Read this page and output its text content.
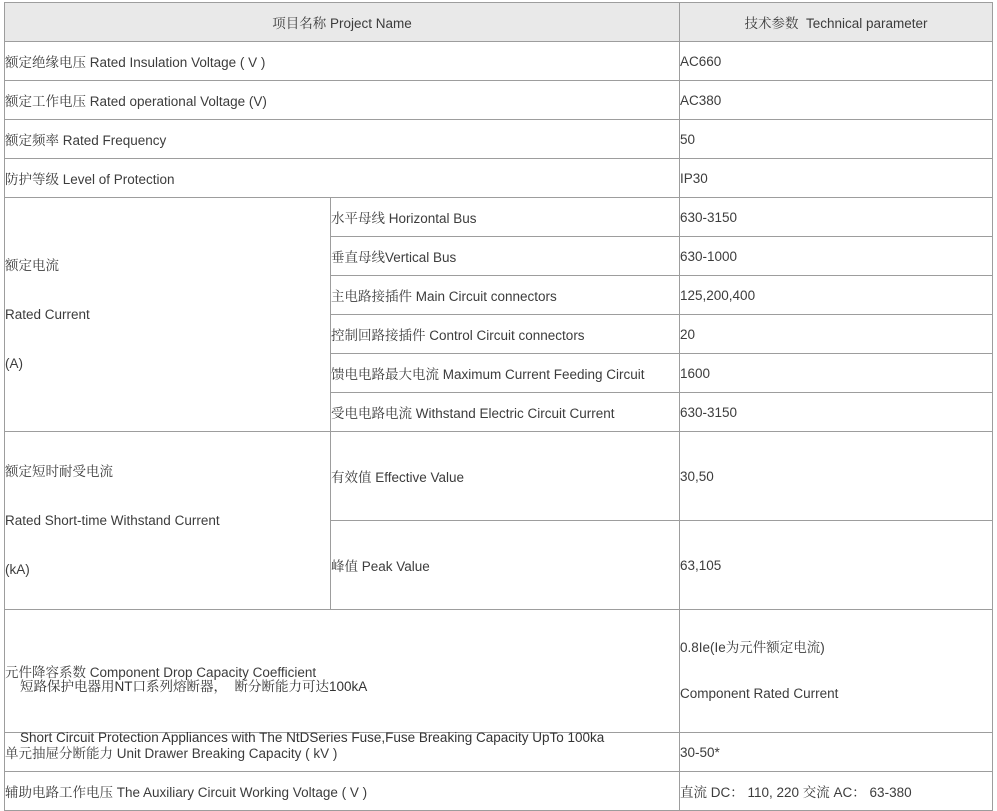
项目名称 Project Name		技术参数  Technical parameter
额定绝缘电压 Rated Insulation Voltage ( V )		AC660
额定工作电压 Rated operational Voltage (V)		AC380
额定频率 Rated Frequency		50
防护等级 Level of Protection		IP30

额定电流

Rated Current

(A)	水平母线 Horizontal Bus	630-3150
	垂直母线Vertical Bus	630-1000
	主电路接插件 Main Circuit connectors	125,200,400
	控制回路接插件 Control Circuit connectors	20
	馈电电路最大电流 Maximum Current Feeding Circuit	1600
	受电电路电流 Withstand Electric Circuit Current	630-3150

额定短时耐受电流

Rated Short-time Withstand Current

(kA)	有效值 Effective Value	30,50
	峰值 Peak Value	63,105
元件降容系数 Component Drop Capacity Coefficient		0.8Ie(Ie为元件额定电流)

Component Rated Current

单元抽屉分断能力 Unit Drawer Breaking Capacity ( kV )		30-50*
辅助电路工作电压 The Auxiliary Circuit Working Voltage ( V )		直流 DC： 110, 220 交流 AC： 63-380

短路保护电器用NT口系列熔断器，  断分断能力可达100kA

Short Circuit Protection Appliances with The NtDSeries Fuse,Fuse Breaking Capacity UpTo 100ka
